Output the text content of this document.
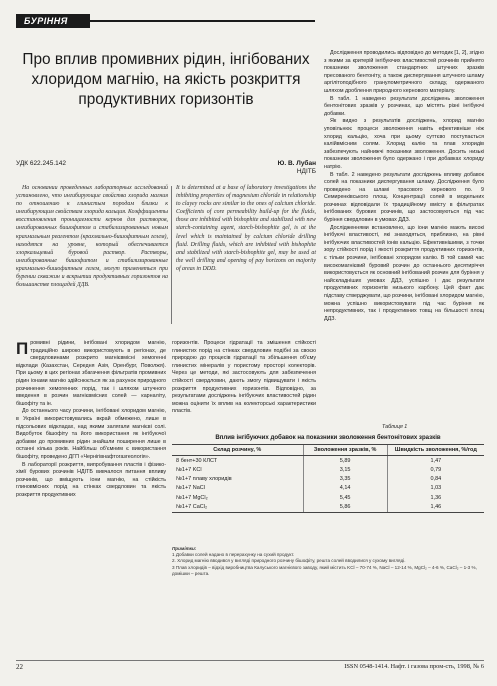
БУРІННЯ
Про вплив промивних рідин, інгібованих хлоридом магнію, на якість розкриття продуктивних горизонтів
УДК 622.245.142	Ю. В. Лубан
НДІТБ
На основании проведенных лабораторных исследований установлено, что ингибирующие свойства хлорида магния по отношению к глинистым породам близки к ингибирующим свойствам хлорида кальция. Коэффициенты восстановления проницаемости кернов для растворов, ингибированных бишофитом и стабилизированных новым крахмальным реагентом (крахмально-бишофитным гелем), находятся на уровне, который обеспечивается хлоркальцевый буровой раствор. Растворы, ингибированные бишофитом и стабилизированные крахмально-бишофитным гелем, могут применяться при бурении скважин и вскрытии продуктивных горизонтов на большинстве площадей ДДВ.
It is determined at a base of laboratory investigations the inhibiting properties of magnesium chloride in relationship to clayey rocks are similar to the ones of calcium chloride. Coefficients of core permeability build-up for the fluids, those are inhibited with bishophite and stabilized with new starch-containing agent, starch-bishophite gel, is at the level which is maintained by calcium chloride drilling fluid. Drilling fluids, which are inhibited with bishophite and stabilized with starch-bishophite gel, may be used at the well drilling and opening of pay horizons on majority of areas in DDD.

Промивні рідини, інгібовані хлоридом магнію, традиційно широко використовують в регіонах, де свердловинами розкрито магнієвмісні хемогенні відклади (Казахстан, Середня Азія, Оренбург, Поволжя). При цьому в цих регіонах збагачення фільтратів промивних рідин іонами магнію здійснюється як за рахунок природного розчинення хемогенних порід, так і шляхом штучного введення в розчин магнієвмісних солей — карналіту, бішофіту та ін.

До останнього часу розчини, інгібовані хлоридом магнію, в Україні використовувались вкрай обмежено, лише в підсольових відкладах, над якими залягали магнієві солі. Видобуток бішофіту та його використання як інгібуючої добавки до промивних рідин знайшли поширення лише в останні кілька років. Найбільш об'ємним є використання бішофіту, проведено ДГП «Чернігівнафтогазгеологія».

В лабораторії розкриття, випробування пластів і фізико-хімії бурових розчинів НДІТБ вивчалося питання впливу розчинів, що вміщують іони магнію, на стійкість глиновмісних порід на стінках свердловин та якість розкриття продуктивних

горизонтів. Процеси гідратації та змішення стійкості глинистих порід на стінках свердловин подібні за своєю природою до процесів гідратації та збільшення об'єму глинистих мінералів у пористому просторі колекторів. Через це методи, які застосовують для забезпечення стійкості свердловин, дають змогу підвищувати і якість розкриття продуктивних горизонтів. Відповідно, за результатами досліджень інгібуючих властивостей рідин можна оцінити їх вплив на колекторські характеристики пластів.

Дослідження проводились відповідно до методик [1, 2], згідно з якими за критерій інгібуючих властивостей розчинів прийнято показники зволоження стандартних штучних зразків пресованого бентоніту, а також диспергування штучного шламу аргілітоподібного гранулометричного складу, одержаного шляхом дроблення природного кернового матеріалу.

В табл. 1 наведено результати досліджень зволоження бентонітових зразків у розчинах, що містять різні інгібуючі добавки.

Як видно з результатів досліджень, хлорид магнію уповільнює процеси зволоження навіть ефективніше ніж хлорид кальцію, хоча при цьому суттєво поступається калійвмісним солям. Хлорид калію та плав хлоридів забезпечують найнижчі показники зволоження. Досить низькі показники зволоження було одержано і при добавках хлориду натрію.

В табл. 2 наведено результати досліджень впливу добавок солей на показники диспергування шламу. Дослідження було проведено на шламі трасового кернового по. 9 Семиренківського площ. Концентрації солей в модельних розчинах відповідали їх традиційному вмісту в фільтратах інгібованих бурових розчинів, що застосовуються під час буріння свердловин в умовах ДДЗ.

Дослідженнями встановлено, що іони магнію мають високі інгібуючі властивості, які знаходяться, приблизно, на рівні інгібуючих властивостей іонів кальцію. Ефективнішими, з точки зору стійкості порід і якості розкриття продуктивних горизонтів, є тільки розчини, інгібовані хлоридом калію. В той самий час високомагнієвий буровий розчин до останнього десятиріччя використовується як основний інгібований розчин для буріння у найскладніших умовах ДДЗ, успішно і дає результати продуктивних горизонтів низького карбону. Цей факт дає підставу стверджувати, що розчини, інгібовані хлоридом магнію, можна успішно використовувати під час буріння як непродуктивних, так і продуктивних товщ на більшості площ ДДЗ.

Таблиця 1
Вплив інгібуючих добавок на показники зволоження бентонітових зразків
Склад розчину, %	Зволоження зразків, %	Швидкість зволоження, %/год
8 бент+30 КЛСТ	5,89	1,47
№1+7 KCl	3,15	0,79
№1+7 плаву хлоридів	3,35	0,84
№1+7 NaCl	4,14	1,03
№1+7 MgCl₂	5,45	1,36
№1+7 CaCl₂	5,86	1,46
Примітки:
1 Добавки солей надано в перерахунку на сухий продукт.
2. Хлорид магнію вводився у вигляді природного розчину бішофіту, решта солей вводилися у сухому вигляді.
3 Плав хлоридів – відхід виробництва Калуського магнієвого заводу, який містить KCl – 70-74 %, NaCl – 12-14 %, MgCl₂ – 4-6 %, CaCl₂ – 1-3 %, домішки – решта.
22	ISSN 0548-1414. Нафт. і газова пром-сть, 1998, № 6
